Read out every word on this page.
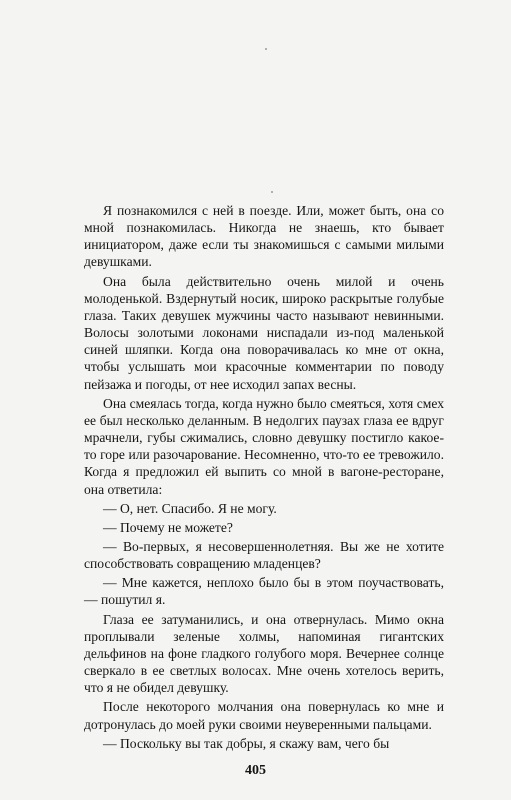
Я познакомился с ней в поезде. Или, может быть, она со мной познакомилась. Никогда не знаешь, кто бывает инициатором, даже если ты знакомишься с самыми милыми девушками.

Она была действительно очень милой и очень молоденькой. Вздернутый носик, широко раскрытые голубые глаза. Таких девушек мужчины часто называют невинными. Волосы золотыми локонами ниспадали из-под маленькой синей шляпки. Когда она поворачивалась ко мне от окна, чтобы услышать мои красочные комментарии по поводу пейзажа и погоды, от нее исходил запах весны.

Она смеялась тогда, когда нужно было смеяться, хотя смех ее был несколько деланным. В недолгих паузах глаза ее вдруг мрачнели, губы сжимались, словно девушку постигло какое-то горе или разочарование. Несомненно, что-то ее тревожило. Когда я предложил ей выпить со мной в вагоне-ресторане, она ответила:

— О, нет. Спасибо. Я не могу.

— Почему не можете?

— Во-первых, я несовершеннолетняя. Вы же не хотите способствовать совращению младенцев?

— Мне кажется, неплохо было бы в этом поучаствовать, — пошутил я.

Глаза ее затуманились, и она отвернулась. Мимо окна проплывали зеленые холмы, напоминая гигантских дельфинов на фоне гладкого голубого моря. Вечернее солнце сверкало в ее светлых волосах. Мне очень хотелось верить, что я не обидел девушку.

После некоторого молчания она повернулась ко мне и дотронулась до моей руки своими неуверенными пальцами.

— Поскольку вы так добры, я скажу вам, чего бы

405
